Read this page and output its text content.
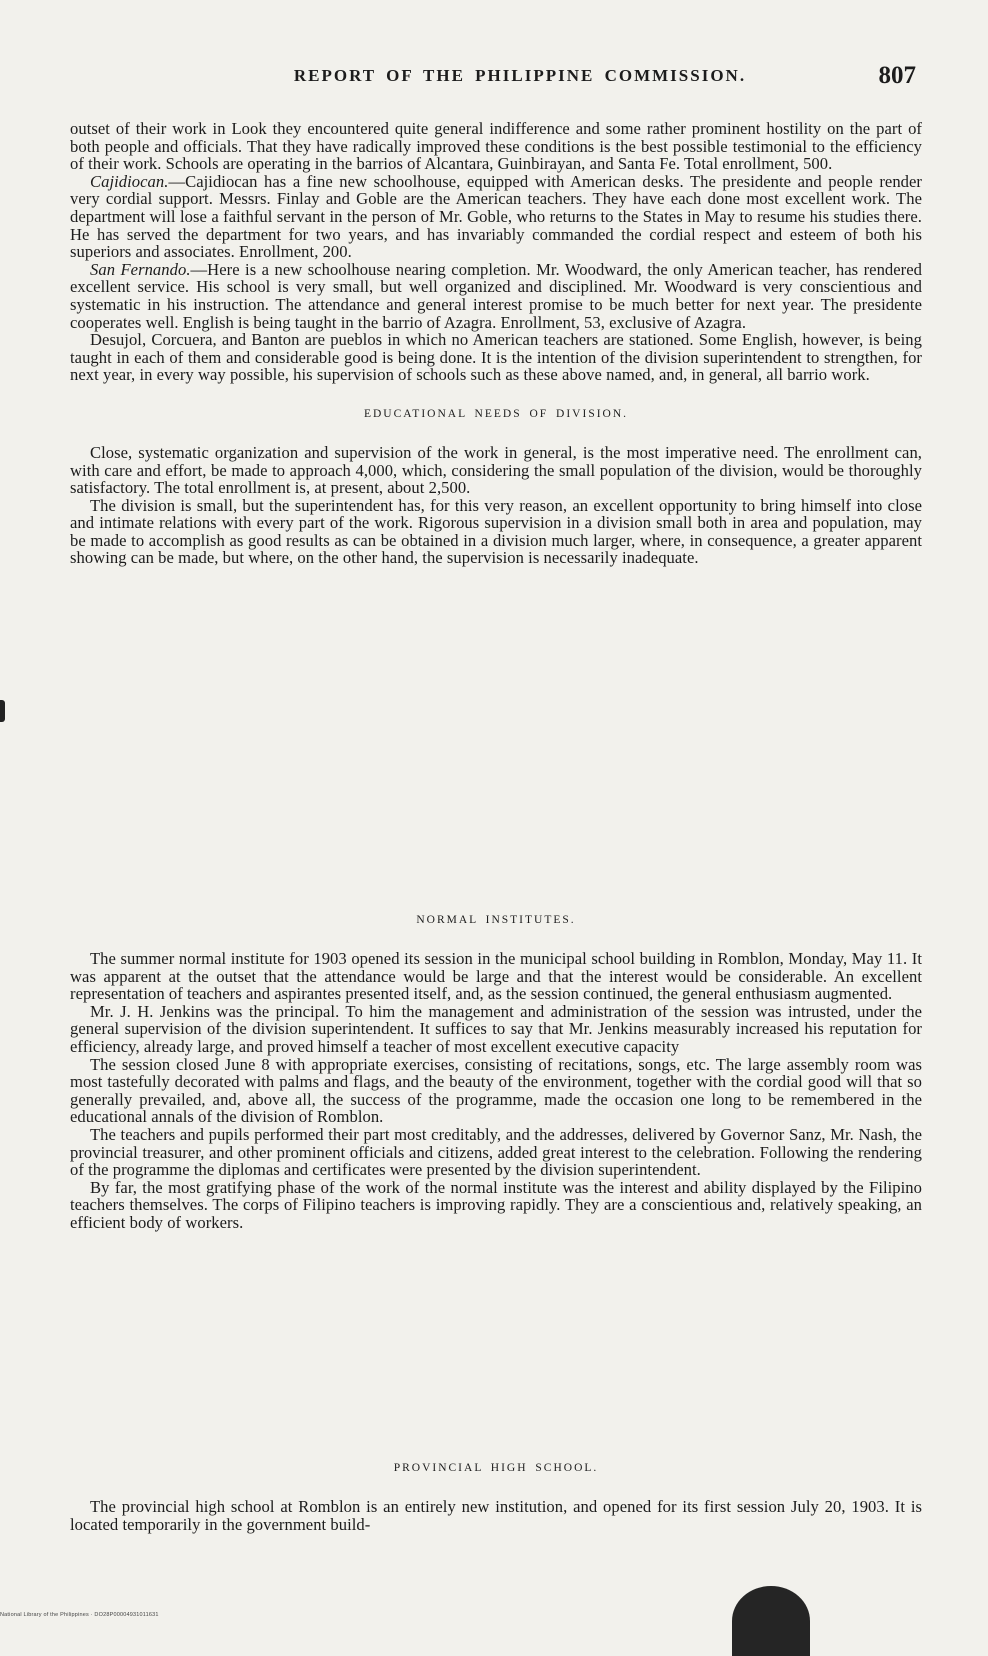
REPORT OF THE PHILIPPINE COMMISSION.	807

outset of their work in Look they encountered quite general indifference and some rather prominent hostility on the part of both people and officials. That they have radically improved these conditions is the best possible testimonial to the efficiency of their work. Schools are operating in the barrios of Alcantara, Guinbirayan, and Santa Fe. Total enrollment, 500.

Cajidiocan.—Cajidiocan has a fine new schoolhouse, equipped with American desks. The presidente and people render very cordial support. Messrs. Finlay and Goble are the American teachers. They have each done most excellent work. The department will lose a faithful servant in the person of Mr. Goble, who returns to the States in May to resume his studies there. He has served the department for two years, and has invariably commanded the cordial respect and esteem of both his superiors and associates. Enrollment, 200.

San Fernando.—Here is a new schoolhouse nearing completion. Mr. Woodward, the only American teacher, has rendered excellent service. His school is very small, but well organized and disciplined. Mr. Woodward is very conscientious and systematic in his instruction. The attendance and general interest promise to be much better for next year. The presidente cooperates well. English is being taught in the barrio of Azagra. Enrollment, 53, exclusive of Azagra.

Desujol, Corcuera, and Banton are pueblos in which no American teachers are stationed. Some English, however, is being taught in each of them and considerable good is being done. It is the intention of the division superintendent to strengthen, for next year, in every way possible, his supervision of schools such as these above named, and, in general, all barrio work.

EDUCATIONAL NEEDS OF DIVISION.

Close, systematic organization and supervision of the work in general, is the most imperative need. The enrollment can, with care and effort, be made to approach 4,000, which, considering the small population of the division, would be thoroughly satisfactory. The total enrollment is, at present, about 2,500.

The division is small, but the superintendent has, for this very reason, an excellent opportunity to bring himself into close and intimate relations with every part of the work. Rigorous supervision in a division small both in area and population, may be made to accomplish as good results as can be obtained in a division much larger, where, in consequence, a greater apparent showing can be made, but where, on the other hand, the supervision is necessarily inadequate.

NORMAL INSTITUTES.

The summer normal institute for 1903 opened its session in the municipal school building in Romblon, Monday, May 11. It was apparent at the outset that the attendance would be large and that the interest would be considerable. An excellent representation of teachers and aspirantes presented itself, and, as the session continued, the general enthusiasm augmented.

Mr. J. H. Jenkins was the principal. To him the management and administration of the session was intrusted, under the general supervision of the division superintendent. It suffices to say that Mr. Jenkins measurably increased his reputation for efficiency, already large, and proved himself a teacher of most excellent executive capacity

The session closed June 8 with appropriate exercises, consisting of recitations, songs, etc. The large assembly room was most tastefully decorated with palms and flags, and the beauty of the environment, together with the cordial good will that so generally prevailed, and, above all, the success of the programme, made the occasion one long to be remembered in the educational annals of the division of Romblon.

The teachers and pupils performed their part most creditably, and the addresses, delivered by Governor Sanz, Mr. Nash, the provincial treasurer, and other prominent officials and citizens, added great interest to the celebration. Following the rendering of the programme the diplomas and certificates were presented by the division superintendent.

By far, the most gratifying phase of the work of the normal institute was the interest and ability displayed by the Filipino teachers themselves. The corps of Filipino teachers is improving rapidly. They are a conscientious and, relatively speaking, an efficient body of workers.

PROVINCIAL HIGH SCHOOL.

The provincial high school at Romblon is an entirely new institution, and opened for its first session July 20, 1903. It is located temporarily in the government build-

National Library of the Philippines · DO28P00004931011631
